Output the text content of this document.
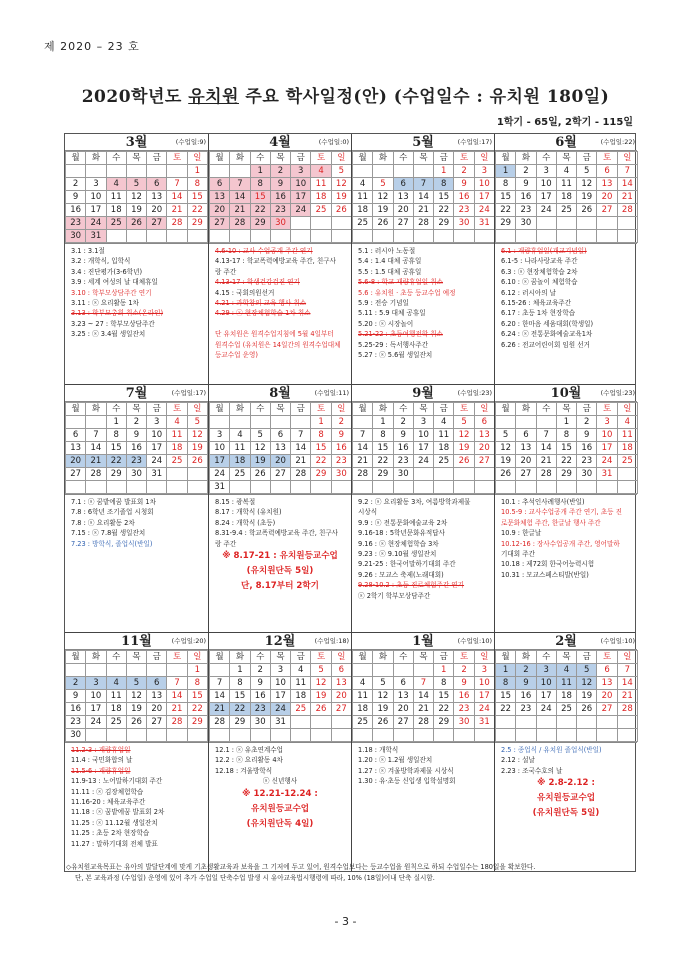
제 2020 – 23 호
2020학년도 유치원 주요 학사일정(안) (수업일수 : 유치원 180일)
1학기 - 65일, 2학기 - 115일
3월	(수업일:9)
월	화	수	목	금	토	일
						1
2	3	4	5	6	7	8
9	10	11	12	13	14	15
16	17	18	19	20	21	22
23	24	25	26	27	28	29
30	31					
3.1 : 3.1절
3.2 : 개학식, 입학식
3.4 : 진단평가(3-6학년)
3.9 : 세계 여성의 날 대체휴일
3.10 : 학부모상담주간 연기
3.11 : ⓢ 요리활동 1차
3.13 : 학부모총회 취소(온라인)
3.23 ~ 27 : 학부모상담주간
3.25 : ⓢ 3.4월 생일잔치
4월	(수업일:0)
월	화	수	목	금	토	일
		1	2	3	4	5
6	7	8	9	10	11	12
13	14	15	16	17	18	19
20	21	22	23	24	25	26
27	28	29	30			

4.6-10 : 교사 수업공개 주간 연기
4.13-17 : 학교폭력예방교육 주간, 친구사
랑 주간
4.13-17 : 학생건강검진 연기
4.15 : 국회의원선거
4.21 : 과학창의 교육 행사 취소
4.29 : ⓢ 현장체험학습 1차 취소

단 유치원은 원격수업지침에 5월 4일부터
원격수업 (유치원은 14일간의 원격수업대체
등교수업 운영)
5월	(수업일:17)
월	화	수	목	금	토	일
				1	2	3
4	5	6	7	8	9	10
11	12	13	14	15	16	17
18	19	20	21	22	23	24
25	26	27	28	29	30	31

5.1 : 러시아 노동절
5.4 : 1.4 대체 공휴일
5.5 : 1.5 대체 공휴일
5.6-8 : 학교 재량휴업일 취소
5.6 : 유치원 · 초등 등교수업 예정
5.9 : 전승 기념일
5.11 : 5.9 대체 공휴일
5.20 : ⓢ 시장놀이
5.21-22 : 초등여행전학 취소
5.25-29 : 독서행사주간
5.27 : ⓢ 5.6월 생일잔치
6월	(수업일:22)
월	화	수	목	금	토	일
1	2	3	4	5	6	7
8	9	10	11	12	13	14
15	16	17	18	19	20	21
22	23	24	25	26	27	28
29	30					

6.1 : 재량휴업일(개교기념일)
6.1-5 : 나라사랑교육 주간
6.3 : ⓢ 현장체험학습 2차
6.10 : ⓢ 꿈놀이 체험학습
6.12 : 러시아의 날
6.15-26 : 체육교육주간
6.17 : 초등 1차 현장학습
6.20 : 한마음 세움대회(학생일)
6.24 : ⓢ 전통문화예술교육1차
6.26 : 전교어린이회 임원 선거
7월	(수업일:17)
월	화	수	목	금	토	일
		1	2	3	4	5
6	7	8	9	10	11	12
13	14	15	16	17	18	19
20	21	22	23	24	25	26
27	28	29	30	31		

7.1 : ⓢ 꿈밭에꿈 발표회 1차
7.8 : 6학년 조기졸업 시청회
7.8 : ⓢ 요리활동 2차
7.15 : ⓢ 7.8월 생일잔치
7.23 : 방학식, 졸업식(반일)
8월	(수업일:11)
월	화	수	목	금	토	일
					1	2
3	4	5	6	7	8	9
10	11	12	13	14	15	16
17	18	19	20	21	22	23
24	25	26	27	28	29	30
31						
8.15 : 광복절
8.17 : 개학식 (유치원)
8.24 : 개학식 (초등)
8.31-9.4 : 학교폭력예방교육 주간, 친구사
랑 주간
※ 8.17-21 : 유치원등교수업
(유치원단독 5일)
단, 8.17부터 2학기
9월	(수업일:23)
월	화	수	목	금	토	일
	1	2	3	4	5	6
7	8	9	10	11	12	13
14	15	16	17	18	19	20
21	22	23	24	25	26	27
28	29	30				

9.2 : ⓢ 요리활동 3차, 여름방학과제물
시상식
9.9 : ⓢ 전통문화예술교육 2차
9.16-18 : 5학년문화유적답사
9.16 : ⓢ 현장체험학습 3차
9.23 : ⓢ 9.10월 생일잔치
9.21-25 : 한국어말하기대회 주간
9.26 : 모교스 축제(노래대회)
9.28-10.2 : 초등 진로체험주간 연기
ⓢ 2학기 학부모상담주간
10월	(수업일:23)
월	화	수	목	금	토	일
			1	2	3	4
5	6	7	8	9	10	11
12	13	14	15	16	17	18
19	20	21	22	23	24	25
26	27	28	29	30	31	

10.1 : 추석인사례행사(반일)
10.5-9 : 교사수업공개 주간 연기, 초등 진
로문화체험 주간, 한글날 행사 주간
10.9 : 한글날
10.12-16 : 장사수업공개 주간, 영어말하
기대회 주간
10.18 : 제72회 한국어능력시험
10.31 : 모교스페스티발(반일)
11월	(수업일:20)
월	화	수	목	금	토	일
						1
2	3	4	5	6	7	8
9	10	11	12	13	14	15
16	17	18	19	20	21	22
23	24	25	26	27	28	29
30						
11.2-3 : 재량휴업일
11.4 : 국민화합의 날
11.5-6 : 재량휴업일
11.9-13 : 노어말하기대회 주간
11.11 : ⓢ 김장체험학습
11.16-20 : 체육교육주간
11.18 : ⓢ 꿈밭에꿈 발표회 2차
11.25 : ⓢ 11.12월 생일잔치
11.25 : 초등 2차 현장학습
11.27 : 말하기대회 전체 발표
12월	(수업일:18)
월	화	수	목	금	토	일
	1	2	3	4	5	6
7	8	9	10	11	12	13
14	15	16	17	18	19	20
21	22	23	24	25	26	27
28	29	30	31			

12.1 : ⓢ 유초연계수업
12.2 : ⓢ 요리활동 4차
12.18 : 겨울방학식
ⓢ 신년행사
※ 12.21-12.24 :
유치원등교수업
(유치원단독 4일)
1월	(수업일:10)
월	화	수	목	금	토	일
				1	2	3
4	5	6	7	8	9	10
11	12	13	14	15	16	17
18	19	20	21	22	23	24
25	26	27	28	29	30	31

1.18 : 개학식
1.20 : ⓢ 1.2월 생일잔치
1.27 : ⓢ 겨울방학과제물 시상식
1.30 : 유·초등 신입생 입학설명회
2월	(수업일:10)
월	화	수	목	금	토	일
1	2	3	4	5	6	7
8	9	10	11	12	13	14
15	16	17	18	19	20	21
22	23	24	25	26	27	28

2.5 : 종업식 / 유치원 졸업식(반일)
2.12 : 설날
2.23 : 조국수호의 날
※ 2.8-2.12 :
유치원등교수업
(유치원단독 5일)
◇유치원교육목표는 유아의 발달단계에 맞게 기초생활교육과 보육을 그 기저에 두고 있어, 원격수업보다는 등교수업을 원칙으로 하되 수업일수는 180일을 확보한다.
단, 본 교육과정 (수업일) 운영에 있어 추가 수업일 단축수업 발생 시 유아교육법시행령에 따라, 10% (18일)이내 단축 실시함.
- 3 -
